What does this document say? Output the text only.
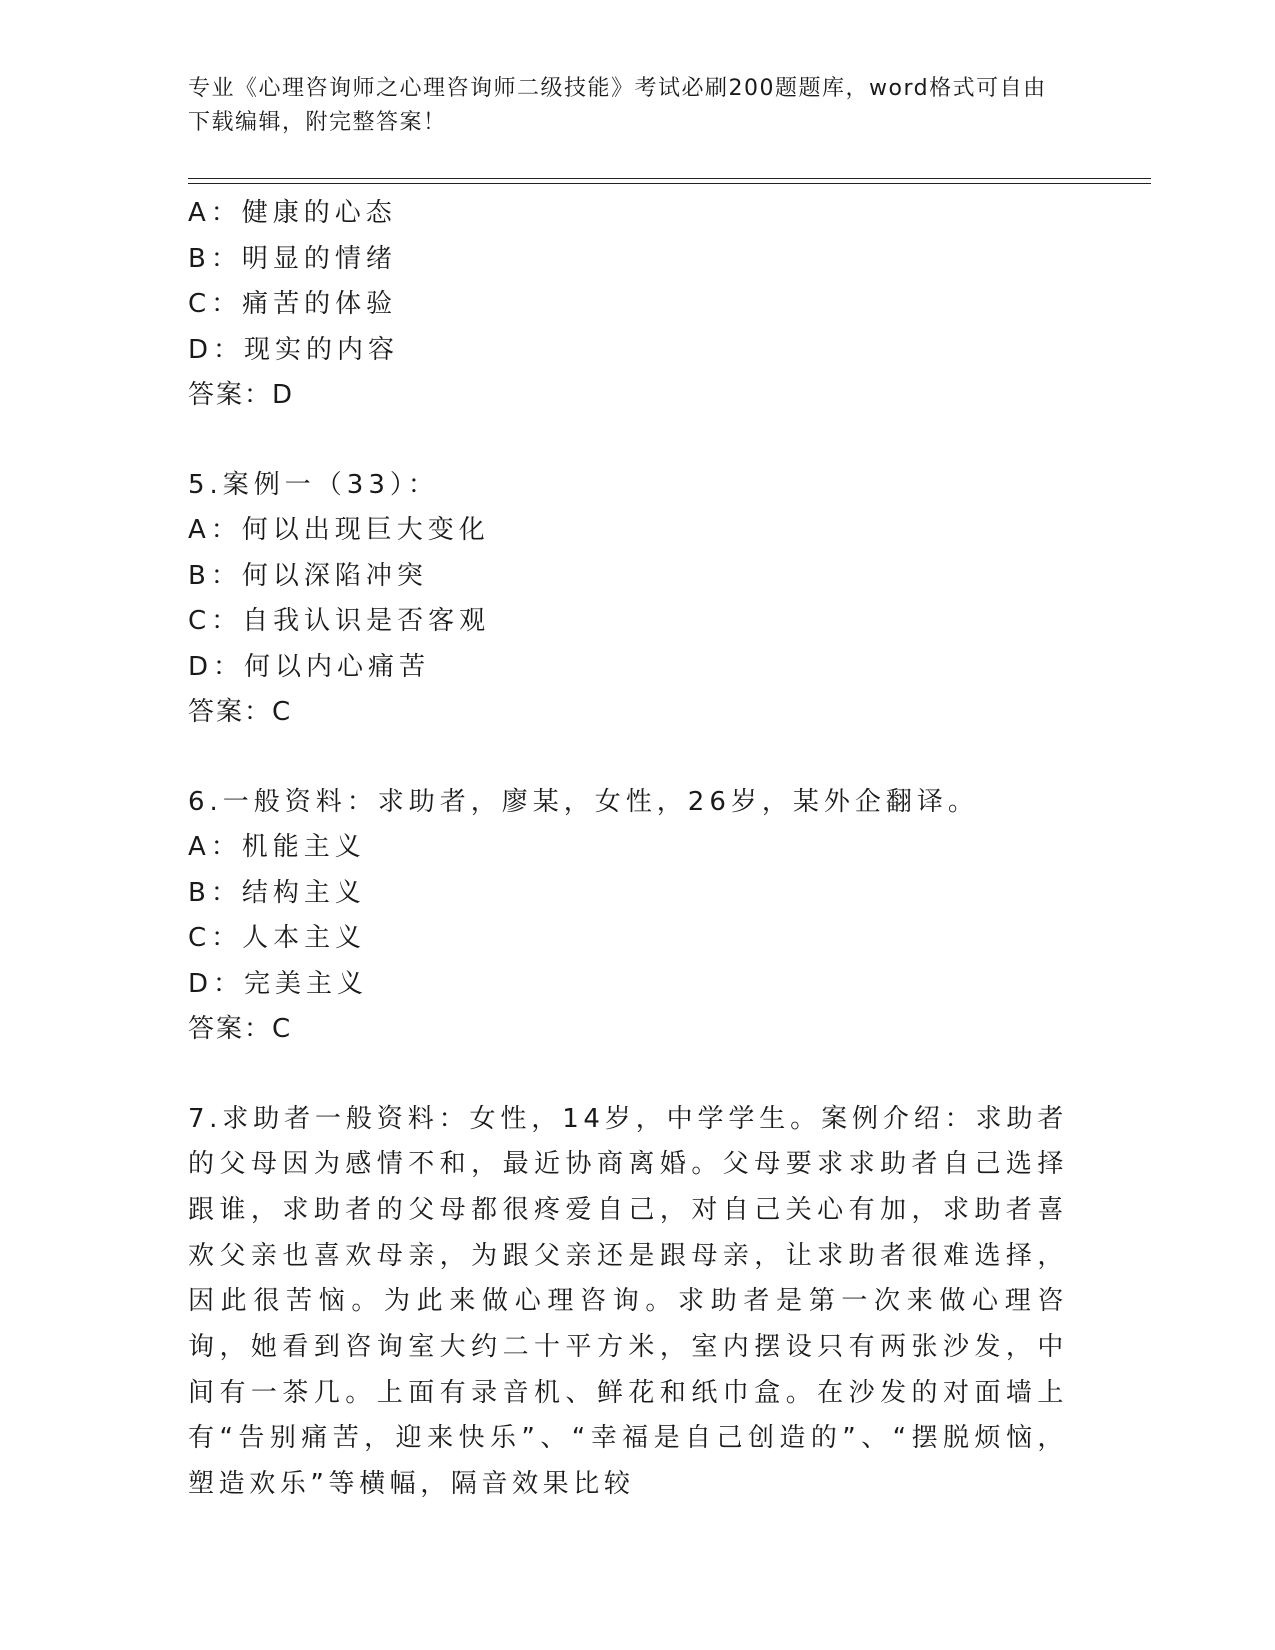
专业《心理咨询师之心理咨询师二级技能》考试必刷200题题库，word格式可自由下载编辑，附完整答案！
A：健康的心态
B：明显的情绪
C：痛苦的体验
D：现实的内容
答案：D
5.案例一（33）：
A：何以出现巨大变化
B：何以深陷冲突
C：自我认识是否客观
D：何以内心痛苦
答案：C
6.一般资料：求助者，廖某，女性，26岁，某外企翻译。
A：机能主义
B：结构主义
C：人本主义
D：完美主义
答案：C
7.求助者一般资料：女性，14岁，中学学生。案例介绍：求助者的父母因为感情不和，最近协商离婚。父母要求求助者自己选择跟谁，求助者的父母都很疼爱自己，对自己关心有加，求助者喜欢父亲也喜欢母亲，为跟父亲还是跟母亲，让求助者很难选择，因此很苦恼。为此来做心理咨询。求助者是第一次来做心理咨询，她看到咨询室大约二十平方米，室内摆设只有两张沙发，中间有一茶几。上面有录音机、鲜花和纸巾盒。在沙发的对面墙上有“告别痛苦，迎来快乐”、“幸福是自己创造的”、“摆脱烦恼，塑造欢乐”等横幅，隔音效果比较
